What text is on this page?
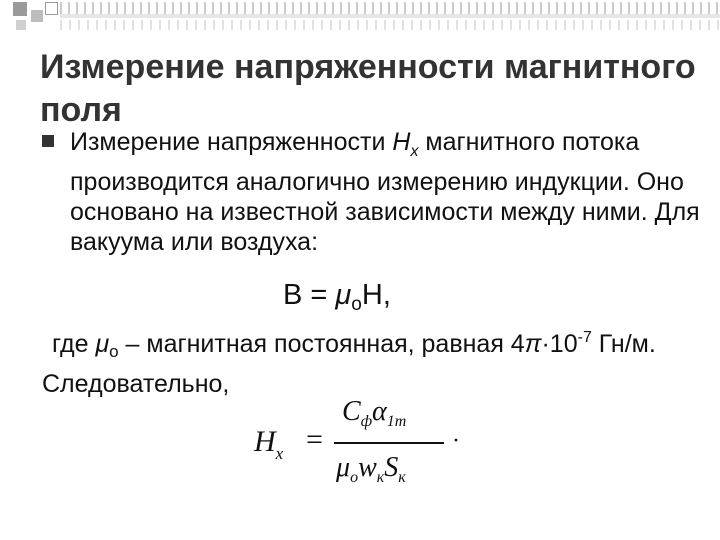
Измерение напряженности магнитного поля
Измерение напряженности $H_х$ магнитного потока производится аналогично измерению индукции. Оно основано на известной зависимости между ними. Для вакуума или воздуха:
$B = \mu_oH$,
где $\mu_o$ – магнитная постоянная, равная $4\pi\cdot 10^{-7}$ Гн/м. Следовательно,
$H_x$ =
$C_ф\alpha_{1m}$
$\mu_ow_кS_к$
·
